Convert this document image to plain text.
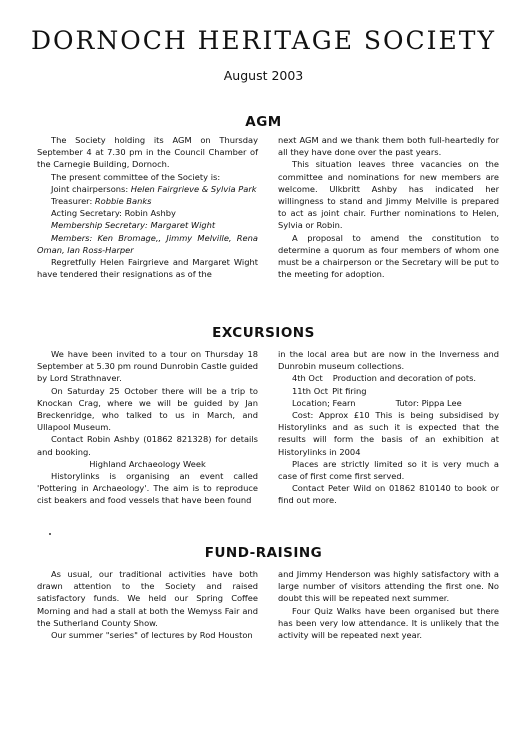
DORNOCH HERITAGE SOCIETY
August 2003
AGM

The Society holding its AGM on Thursday September 4 at 7.30 pm in the Council Chamber of the Carnegie Building, Dornoch.

The present committee of the Society is:

Joint chairpersons: Helen Fairgrieve & Sylvia Park

Treasurer: Robbie Banks

Acting Secretary: Robin Ashby

Membership Secretary: Margaret Wight

Members: Ken Bromage,, Jimmy Melville, Rena Oman, Ian Ross-Harper

Regretfully Helen Fairgrieve and Margaret Wight have tendered their resignations as of the

next AGM and we thank them both full-heartedly for all they have done over the past years.

This situation leaves three vacancies on the committee and nominations for new members are welcome. Ulkbritt Ashby has indicated her willingness to stand and Jimmy Melville is prepared to act as joint chair. Further nominations to Helen, Sylvia or Robin.

A proposal to amend the constitution to determine a quorum as four members of whom one must be a chairperson or the Secretary will be put to the meeting for adoption.

EXCURSIONS

We have been invited to a tour on Thursday 18 September at 5.30 pm round Dunrobin Castle guided by Lord Strathnaver.

On Saturday 25 October there will be a trip to Knockan Crag, where we will be guided by Jan Breckenridge, who talked to us in March, and Ullapool Museum.

Contact Robin Ashby (01862 821328) for details and booking.

Highland Archaeology Week

Historylinks is organising an event called 'Pottering in Archaeology'. The aim is to reproduce cist beakers and food vessels that have been found

in the local area but are now in the Inverness and Dunrobin museum collections.

4th Oct Production and decoration of pots.

11th Oct Pit firing

Location; Fearn	Tutor: Pippa Lee

Cost: Approx £10 This is being subsidised by Historylinks and as such it is expected that the results will form the basis of an exhibition at Historylinks in 2004

Places are strictly limited so it is very much a case of first come first served.

Contact Peter Wild on 01862 810140 to book or find out more.

FUND-RAISING

As usual, our traditional activities have both drawn attention to the Society and raised satisfactory funds. We held our Spring Coffee Morning and had a stall at both the Wemyss Fair and the Sutherland County Show.

Our summer "series" of lectures by Rod Houston

and Jimmy Henderson was highly satisfactory with a large number of visitors attending the first one. No doubt this will be repeated next summer.

Four Quiz Walks have been organised but there has been very low attendance. It is unlikely that the activity will be repeated next year.
